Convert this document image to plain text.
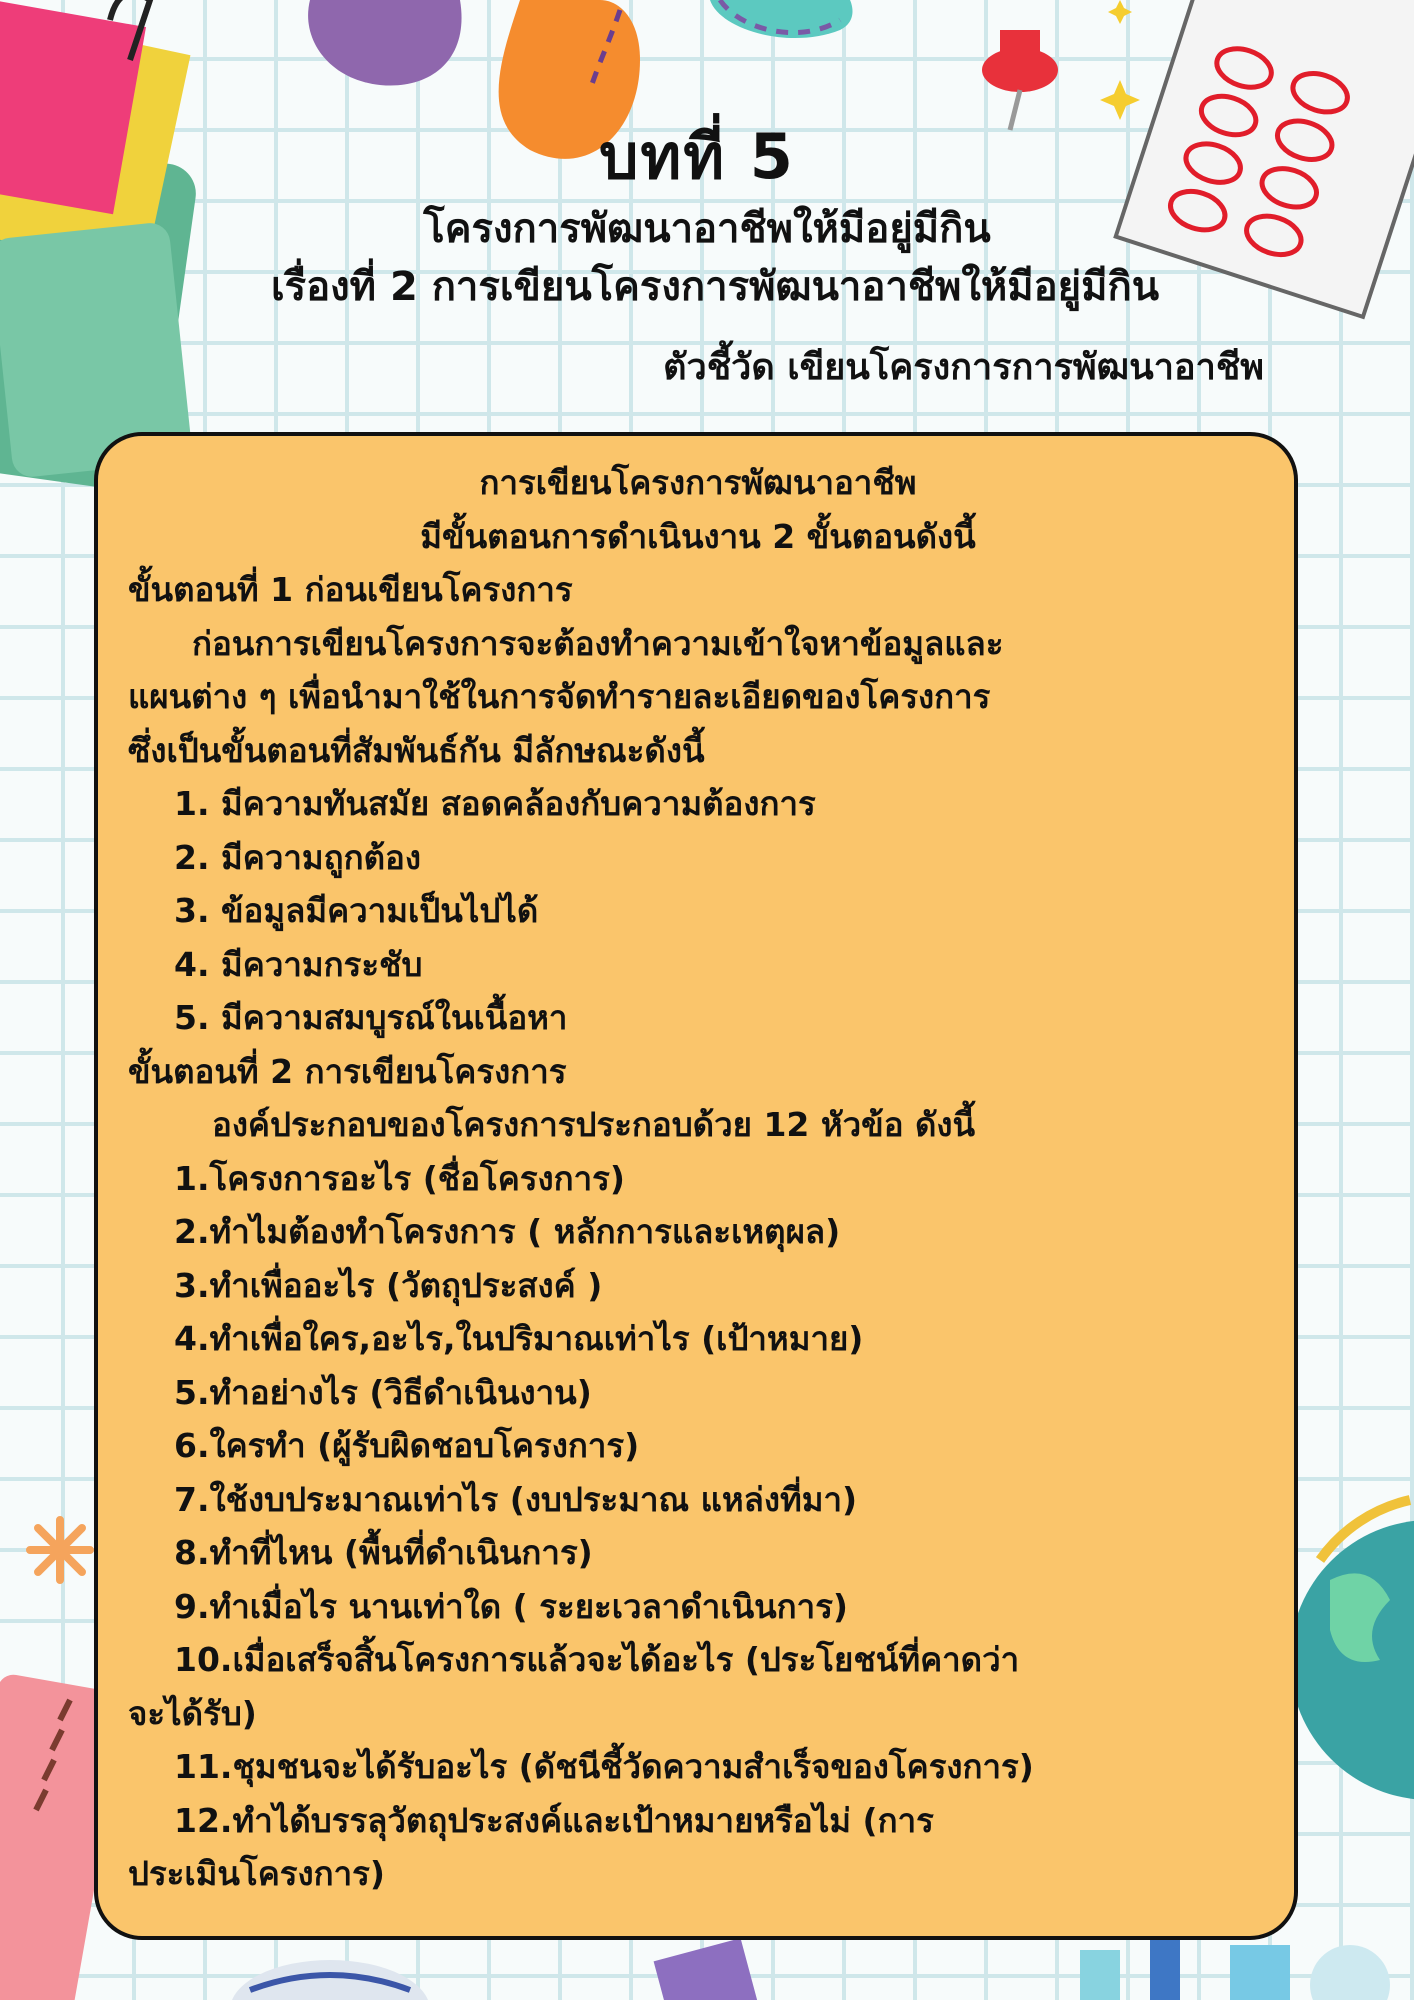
บทที่ 5
โครงการพัฒนาอาชีพให้มีอยู่มีกิน
เรื่องที่ 2 การเขียนโครงการพัฒนาอาชีพให้มีอยู่มีกิน
ตัวชี้วัด เขียนโครงการการพัฒนาอาชีพ
การเขียนโครงการพัฒนาอาชีพ
มีขั้นตอนการดำเนินงาน 2 ขั้นตอนดังนี้
ขั้นตอนที่ 1 ก่อนเขียนโครงการ
ก่อนการเขียนโครงการจะต้องทำความเข้าใจหาข้อมูลและ
แผนต่าง ๆ เพื่อนำมาใช้ในการจัดทำรายละเอียดของโครงการ
ซึ่งเป็นขั้นตอนที่สัมพันธ์กัน มีลักษณะดังนี้
1. มีความทันสมัย สอดคล้องกับความต้องการ
2. มีความถูกต้อง
3. ข้อมูลมีความเป็นไปได้
4. มีความกระชับ
5. มีความสมบูรณ์ในเนื้อหา
ขั้นตอนที่ 2 การเขียนโครงการ
องค์ประกอบของโครงการประกอบด้วย 12 หัวข้อ ดังนี้
1.โครงการอะไร (ชื่อโครงการ)
2.ทำไมต้องทำโครงการ ( หลักการและเหตุผล)
3.ทำเพื่ออะไร (วัตถุประสงค์ )
4.ทำเพื่อใคร,อะไร,ในปริมาณเท่าไร (เป้าหมาย)
5.ทำอย่างไร (วิธีดำเนินงาน)
6.ใครทำ (ผู้รับผิดชอบโครงการ)
7.ใช้งบประมาณเท่าไร (งบประมาณ แหล่งที่มา)
8.ทำที่ไหน (พื้นที่ดำเนินการ)
9.ทำเมื่อไร นานเท่าใด ( ระยะเวลาดำเนินการ)
10.เมื่อเสร็จสิ้นโครงการแล้วจะได้อะไร (ประโยชน์ที่คาดว่า
จะได้รับ)
11.ชุมชนจะได้รับอะไร (ดัชนีชี้วัดความสำเร็จของโครงการ)
12.ทำได้บรรลุวัตถุประสงค์และเป้าหมายหรือไม่ (การ
ประเมินโครงการ)
